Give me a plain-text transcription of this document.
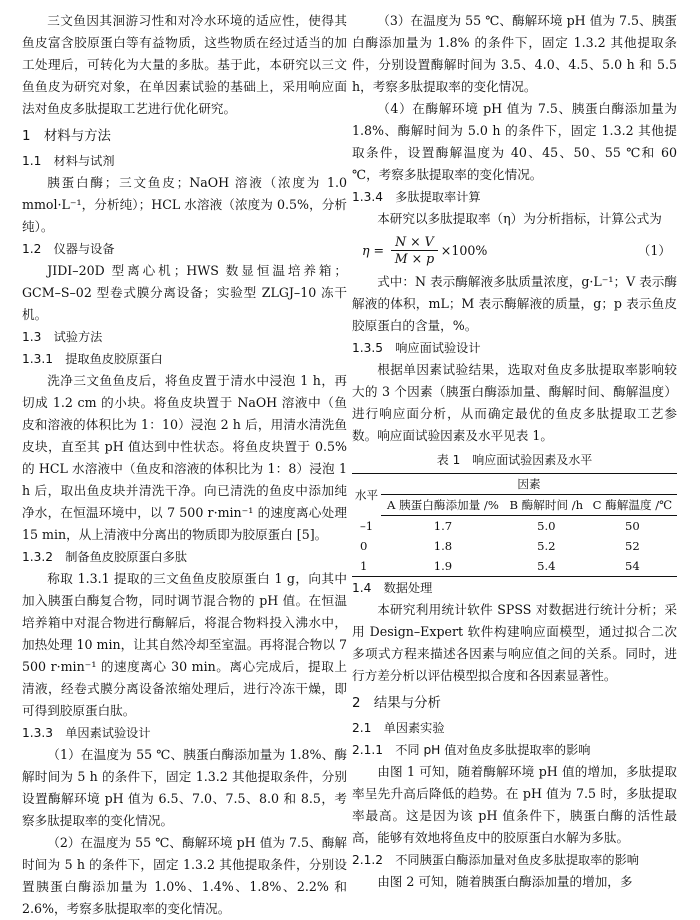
三文鱼因其洄游习性和对冷水环境的适应性，使得其鱼皮富含胶原蛋白等有益物质，这些物质在经过适当的加工处理后，可转化为大量的多肽。基于此，本研究以三文鱼鱼皮为研究对象，在单因素试验的基础上，采用响应面法对鱼皮多肽提取工艺进行优化研究。

1　材料与方法

1.1　材料与试剂

胰蛋白酶；三文鱼皮；NaOH 溶液（浓度为 1.0 mmol·L⁻¹，分析纯）；HCL 水溶液（浓度为 0.5%，分析纯）。

1.2　仪器与设备

JIDI–20D 型离心机；HWS 数显恒温培养箱；GCM–S–02 型卷式膜分离设备；实验型 ZLGJ–10 冻干机。

1.3　试验方法

1.3.1　提取鱼皮胶原蛋白

洗净三文鱼鱼皮后，将鱼皮置于清水中浸泡 1 h，再切成 1.2 cm 的小块。将鱼皮块置于 NaOH 溶液中（鱼皮和溶液的体积比为 1：10）浸泡 2 h 后，用清水清洗鱼皮块，直至其 pH 值达到中性状态。将鱼皮块置于 0.5% 的 HCL 水溶液中（鱼皮和溶液的体积比为 1：8）浸泡 1 h 后，取出鱼皮块并清洗干净。向已清洗的鱼皮中添加纯净水，在恒温环境中，以 7 500 r·min⁻¹ 的速度离心处理 15 min，从上清液中分离出的物质即为胶原蛋白 [5]。

1.3.2　制备鱼皮胶原蛋白多肽

称取 1.3.1 提取的三文鱼鱼皮胶原蛋白 1 g，向其中加入胰蛋白酶复合物，同时调节混合物的 pH 值。在恒温培养箱中对混合物进行酶解后，将混合物料投入沸水中，加热处理 10 min，让其自然冷却至室温。再将混合物以 7 500 r·min⁻¹ 的速度离心 30 min。离心完成后，提取上清液，经卷式膜分离设备浓缩处理后，进行冷冻干燥，即可得到胶原蛋白肽。

1.3.3　单因素试验设计

（1）在温度为 55 ℃、胰蛋白酶添加量为 1.8%、酶解时间为 5 h 的条件下，固定 1.3.2 其他提取条件，分别设置酶解环境 pH 值为 6.5、7.0、7.5、8.0 和 8.5，考察多肽提取率的变化情况。

（2）在温度为 55 ℃、酶解环境 pH 值为 7.5、酶解时间为 5 h 的条件下，固定 1.3.2 其他提取条件，分别设置胰蛋白酶添加量为 1.0%、1.4%、1.8%、2.2% 和 2.6%，考察多肽提取率的变化情况。

（3）在温度为 55 ℃、酶解环境 pH 值为 7.5、胰蛋白酶添加量为 1.8% 的条件下，固定 1.3.2 其他提取条件，分别设置酶解时间为 3.5、4.0、4.5、5.0 h 和 5.5 h，考察多肽提取率的变化情况。

（4）在酶解环境 pH 值为 7.5、胰蛋白酶添加量为 1.8%、酶解时间为 5.0 h 的条件下，固定 1.3.2 其他提取条件，设置酶解温度为 40、45、50、55 ℃和 60 ℃，考察多肽提取率的变化情况。

1.3.4　多肽提取率计算

本研究以多肽提取率（η）为分析指标，计算公式为

$\eta = \frac{N \times V}{M \times p} \times 100\%$	（1）

式中：N 表示酶解液多肽质量浓度，g·L⁻¹；V 表示酶解液的体积，mL；M 表示酶解液的质量，g；p 表示鱼皮胶原蛋白的含量，%。

1.3.5　响应面试验设计

根据单因素试验结果，选取对鱼皮多肽提取率影响较大的 3 个因素（胰蛋白酶添加量、酶解时间、酶解温度）进行响应面分析，从而确定最优的鱼皮多肽提取工艺参数。响应面试验因素及水平见表 1。

表 1　响应面试验因素及水平
水平	因素		
	A 胰蛋白酶添加量 /%	B 酶解时间 /h	C 酶解温度 /℃
–1	1.7	5.0	50
0	1.8	5.2	52
1	1.9	5.4	54

1.4　数据处理

本研究利用统计软件 SPSS 对数据进行统计分析；采用 Design–Expert 软件构建响应面模型，通过拟合二次多项式方程来描述各因素与响应值之间的关系。同时，进行方差分析以评估模型拟合度和各因素显著性。

2　结果与分析

2.1　单因素实验

2.1.1　不同 pH 值对鱼皮多肽提取率的影响

由图 1 可知，随着酶解环境 pH 值的增加，多肽提取率呈先升高后降低的趋势。在 pH 值为 7.5 时，多肽提取率最高。这是因为该 pH 值条件下，胰蛋白酶的活性最高，能够有效地将鱼皮中的胶原蛋白水解为多肽。

2.1.2　不同胰蛋白酶添加量对鱼皮多肽提取率的影响

由图 2 可知，随着胰蛋白酶添加量的增加，多
